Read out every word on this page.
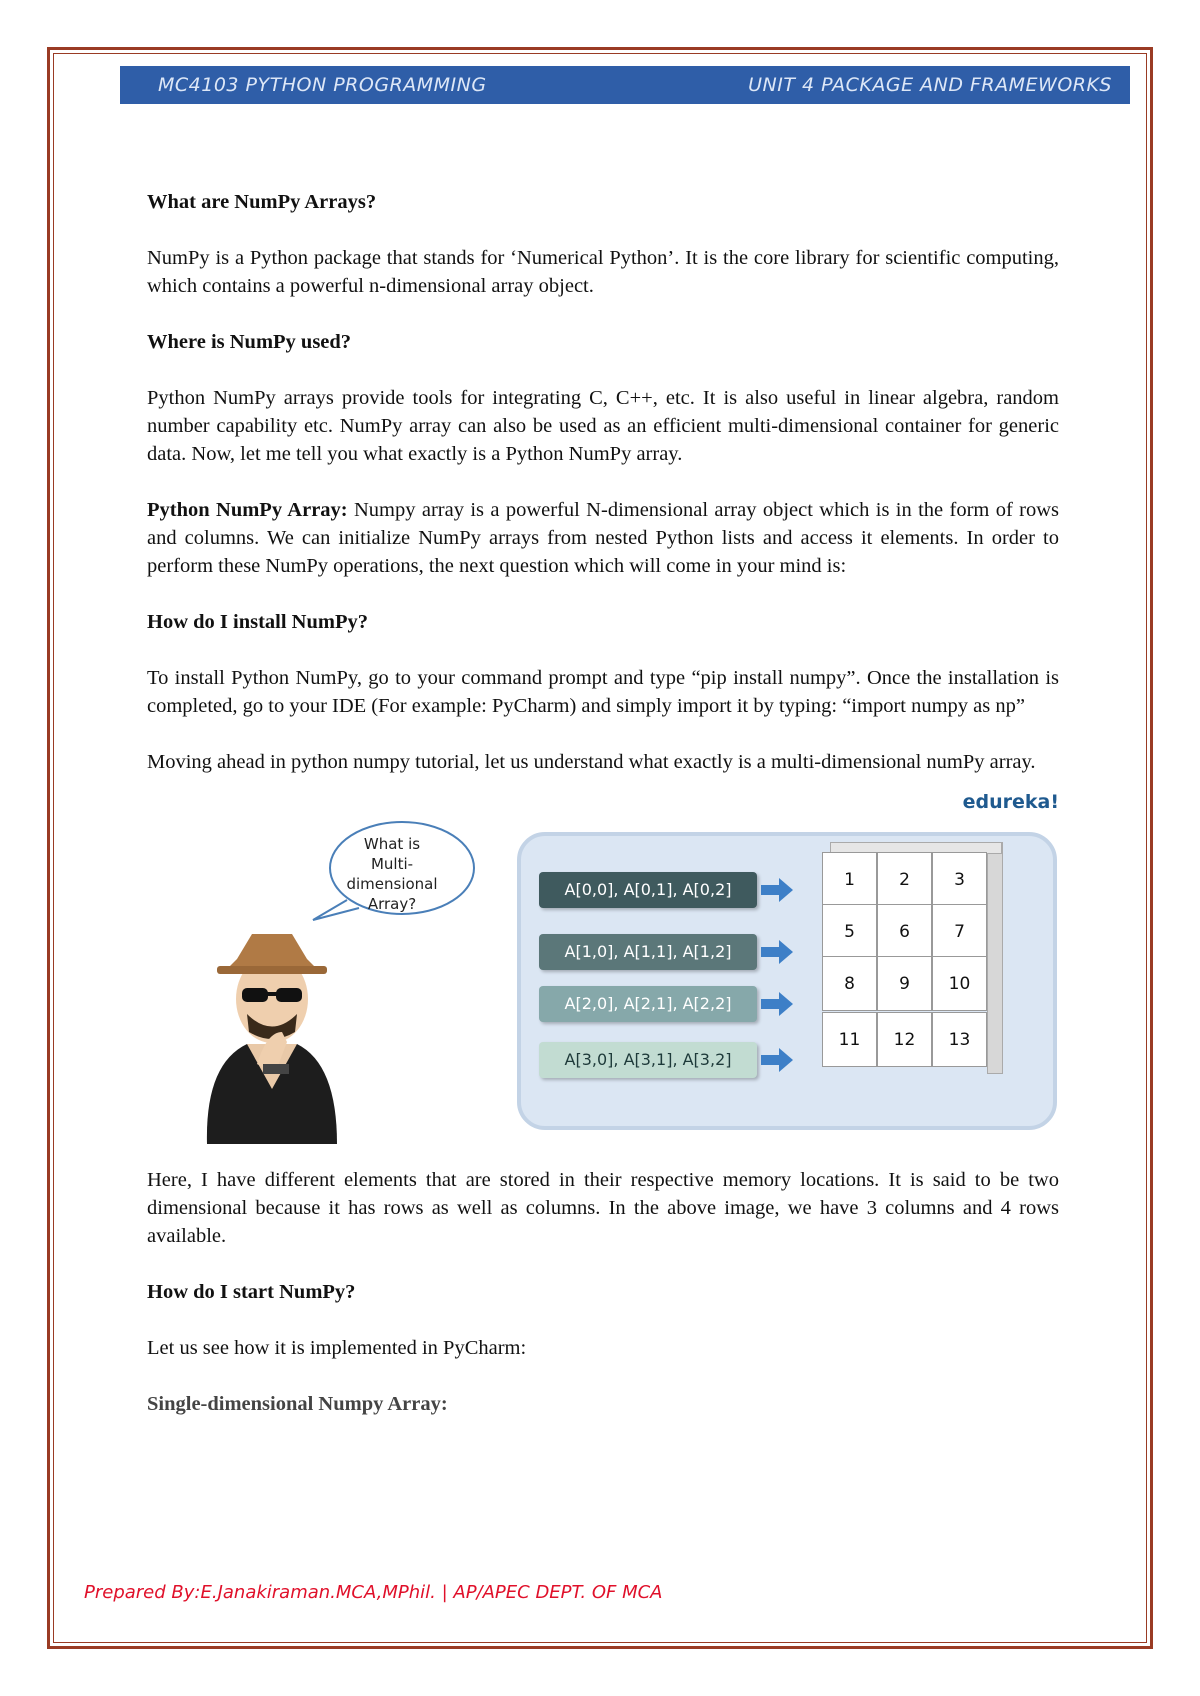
MC4103 PYTHON PROGRAMMING	UNIT 4 PACKAGE AND FRAMEWORKS
What are NumPy Arrays?

NumPy is a Python package that stands for ‘Numerical Python’. It is the core library for scientific computing, which contains a powerful n-dimensional array object.

Where is NumPy used?

Python NumPy arrays provide tools for integrating C, C++, etc. It is also useful in linear algebra, random number capability etc. NumPy array can also be used as an efficient multi-dimensional container for generic data. Now, let me tell you what exactly is a Python NumPy array.

Python NumPy Array: Numpy array is a powerful N-dimensional array object which is in the form of rows and columns. We can initialize NumPy arrays from nested Python lists and access it elements. In order to perform these NumPy operations, the next question which will come in your mind is:

How do I install NumPy?

To install Python NumPy, go to your command prompt and type “pip install numpy”. Once the installation is completed, go to your IDE (For example: PyCharm) and simply import it by typing: “import numpy as np”

Moving ahead in python numpy tutorial, let us understand what exactly is a multi-dimensional numPy array.

edureka!
What is
Multi-
dimensional
Array?
A[0,0], A[0,1], A[0,2]
A[1,0], A[1,1], A[1,2]
A[2,0], A[2,1], A[2,2]
A[3,0], A[3,1], A[3,2]
1	2	3
5	6	7
8	9	10
11	12	13

Here, I have different elements that are stored in their respective memory locations. It is said to be two dimensional because it has rows as well as columns. In the above image, we have 3 columns and 4 rows available.

How do I start NumPy?

Let us see how it is implemented in PyCharm:

Single-dimensional Numpy Array:
Prepared By:E.Janakiraman.MCA,MPhil. | AP/APEC DEPT. OF MCA
